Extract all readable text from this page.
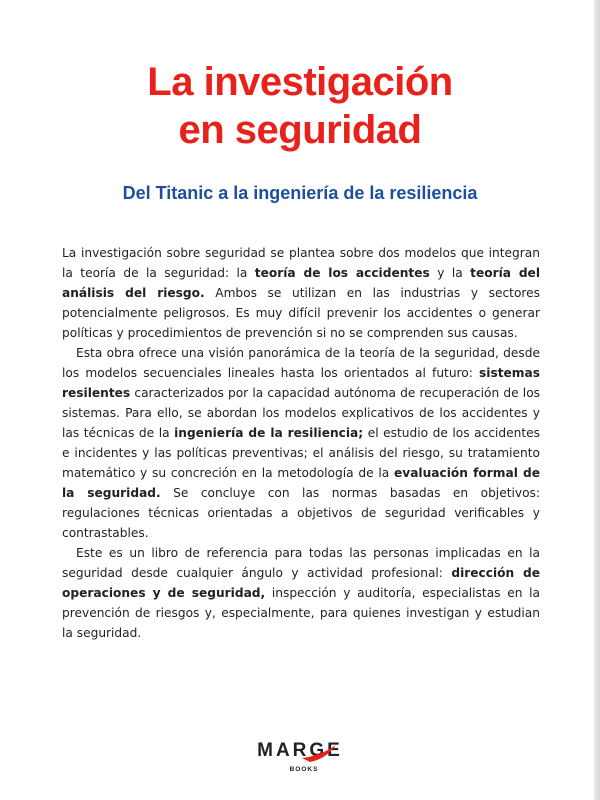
La investigación
en seguridad
Del Titanic a la ingeniería de la resiliencia

La investigación sobre seguridad se plantea sobre dos modelos que integran la teoría de la seguridad: la teoría de los accidentes y la teoría del análisis del riesgo. Ambos se utilizan en las industrias y sectores potencialmente peligrosos. Es muy difícil prevenir los accidentes o generar políticas y procedimientos de prevención si no se comprenden sus causas.

Esta obra ofrece una visión panorámica de la teoría de la seguridad, desde los modelos secuenciales lineales hasta los orientados al futuro: sistemas resilentes caracterizados por la capacidad autónoma de recuperación de los sistemas. Para ello, se abordan los modelos explicativos de los accidentes y las técnicas de la ingeniería de la resiliencia; el estudio de los accidentes e incidentes y las políticas preventivas; el análisis del riesgo, su tratamiento matemático y su concreción en la metodología de la evaluación formal de la seguridad. Se concluye con las normas basadas en objetivos: regulaciones técnicas orientadas a objetivos de seguridad verificables y contrastables.

Este es un libro de referencia para todas las personas implicadas en la seguridad desde cualquier ángulo y actividad profesional: dirección de operaciones y de seguridad, inspección y auditoría, especialistas en la prevención de riesgos y, especialmente, para quienes investigan y estudian la seguridad.

MARGE
BOOKS
